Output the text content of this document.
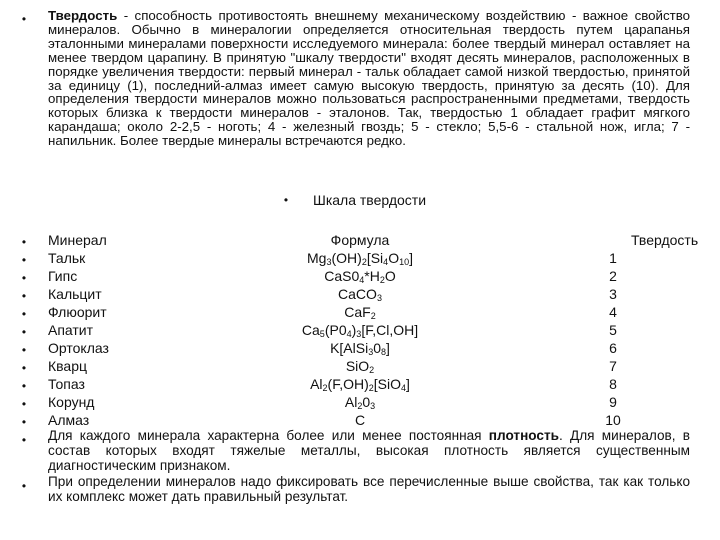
• Твердость - способность противостоять внешнему механическому воздействию - важное свойство минералов. Обычно в минералогии определяется относительная твердость путем царапанья эталонными минералами поверхности исследуемого минерала: более твердый минерал оставляет на менее твердом царапину. В принятую "шкалу твердости" входят десять минералов, расположенных в порядке увеличения твердости: первый минерал - тальк обладает самой низкой твердостью, принятой за единицу (1), последний-алмаз имеет самую высокую твердость, принятую за десять (10). Для определения твердости минералов можно пользоваться распространенными предметами, твердость которых близка к твердости минералов - эталонов. Так, твердостью 1 обладает графит мягкого карандаша; около 2-2,5 - ноготь; 4 - железный гвоздь; 5 - стекло; 5,5-6 - стальной нож, игла; 7 - напильник. Более твердые минералы встречаются редко.

• Шкала твердости

• Минерал	Формула	Твердость
• Тальк	$Mg_3(OH)_2[Si_4O_{10}]$	1
• Гипс	$CaS0_4*H_2O$	2
• Кальцит	CaCO$_3$	3
• Флюорит	CaF$_2$	4
• Апатит	$Ca_5(P0_4)_3[F,Cl,OH]$	5
• Ортоклаз	$K[AlSi_30_8]$	6
• Кварц	SiO$_2$	7
• Топаз	$Al_2(F,OH)_2[SiO_4]$	8
• Корунд	$Al_20_3$	9
• Алмаз	C	10
• Для каждого минерала характерна более или менее постоянная плотность. Для минералов, в состав которых входят тяжелые металлы, высокая плотность является существенным диагностическим признаком.

• При определении минералов надо фиксировать все перечисленные выше свойства, так как только их комплекс может дать правильный результат.
